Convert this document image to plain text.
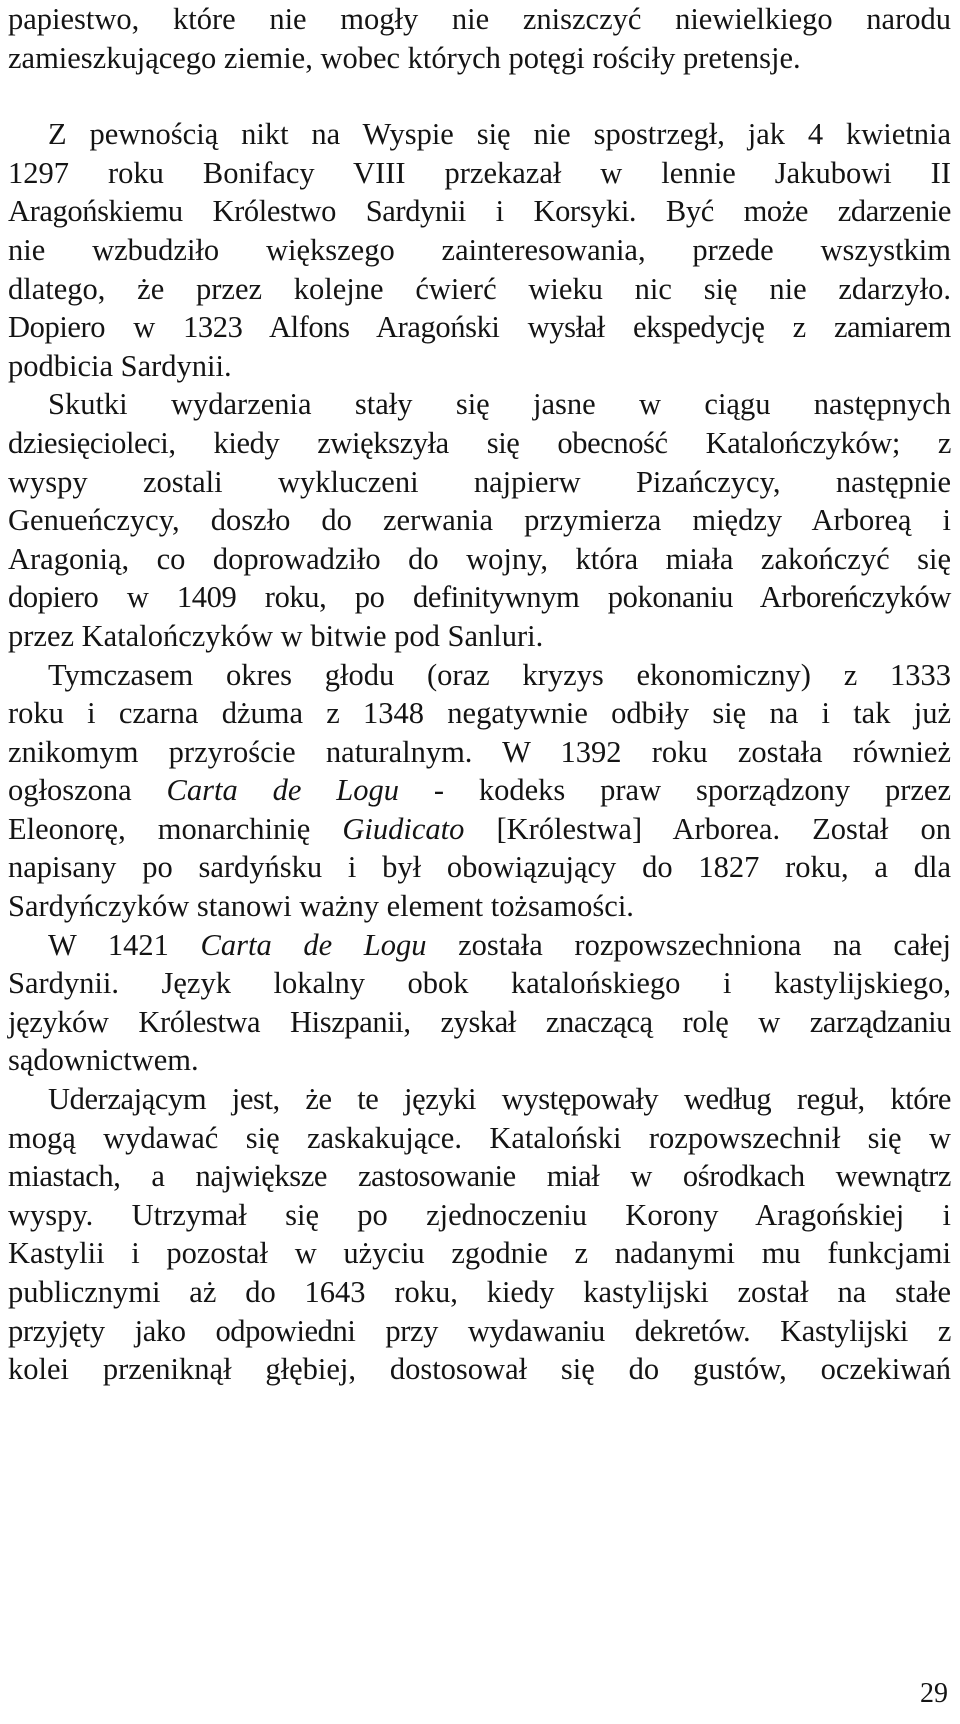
papiestwo, które nie mogły nie zniszczyć niewielkiego narodu
zamieszkującego ziemie, wobec których potęgi rościły pretensje.

Z pewnością nikt na Wyspie się nie spostrzegł, jak 4 kwietnia
1297 roku Bonifacy VIII przekazał w lennie Jakubowi II
Aragońskiemu Królestwo Sardynii i Korsyki. Być może zdarzenie
nie wzbudziło większego zainteresowania, przede wszystkim
dlatego, że przez kolejne ćwierć wieku nic się nie zdarzyło.
Dopiero w 1323 Alfons Aragoński wysłał ekspedycję z zamiarem
podbicia Sardynii.

Skutki wydarzenia stały się jasne w ciągu następnych
dziesięcioleci, kiedy zwiększyła się obecność Katalończyków; z
wyspy zostali wykluczeni najpierw Pizańczycy, następnie
Genueńczycy, doszło do zerwania przymierza między Arboreą i
Aragonią, co doprowadziło do wojny, która miała zakończyć się
dopiero w 1409 roku, po definitywnym pokonaniu Arboreńczyków
przez Katalończyków w bitwie pod Sanluri.

Tymczasem okres głodu (oraz kryzys ekonomiczny) z 1333
roku i czarna dżuma z 1348 negatywnie odbiły się na i tak już
znikomym przyroście naturalnym. W 1392 roku została również
ogłoszona Carta de Logu - kodeks praw sporządzony przez
Eleonorę, monarchinię Giudicato [Królestwa] Arborea. Został on
napisany po sardyńsku i był obowiązujący do 1827 roku, a dla
Sardyńczyków stanowi ważny element tożsamości.

W 1421 Carta de Logu została rozpowszechniona na całej
Sardynii. Język lokalny obok katalońskiego i kastylijskiego,
języków Królestwa Hiszpanii, zyskał znaczącą rolę w zarządzaniu
sądownictwem.

Uderzającym jest, że te języki występowały według reguł, które
mogą wydawać się zaskakujące. Kataloński rozpowszechnił się w
miastach, a największe zastosowanie miał w ośrodkach wewnątrz
wyspy. Utrzymał się po zjednoczeniu Korony Aragońskiej i
Kastylii i pozostał w użyciu zgodnie z nadanymi mu funkcjami
publicznymi aż do 1643 roku, kiedy kastylijski został na stałe
przyjęty jako odpowiedni przy wydawaniu dekretów. Kastylijski z
kolei przeniknął głębiej, dostosował się do gustów, oczekiwań

29
